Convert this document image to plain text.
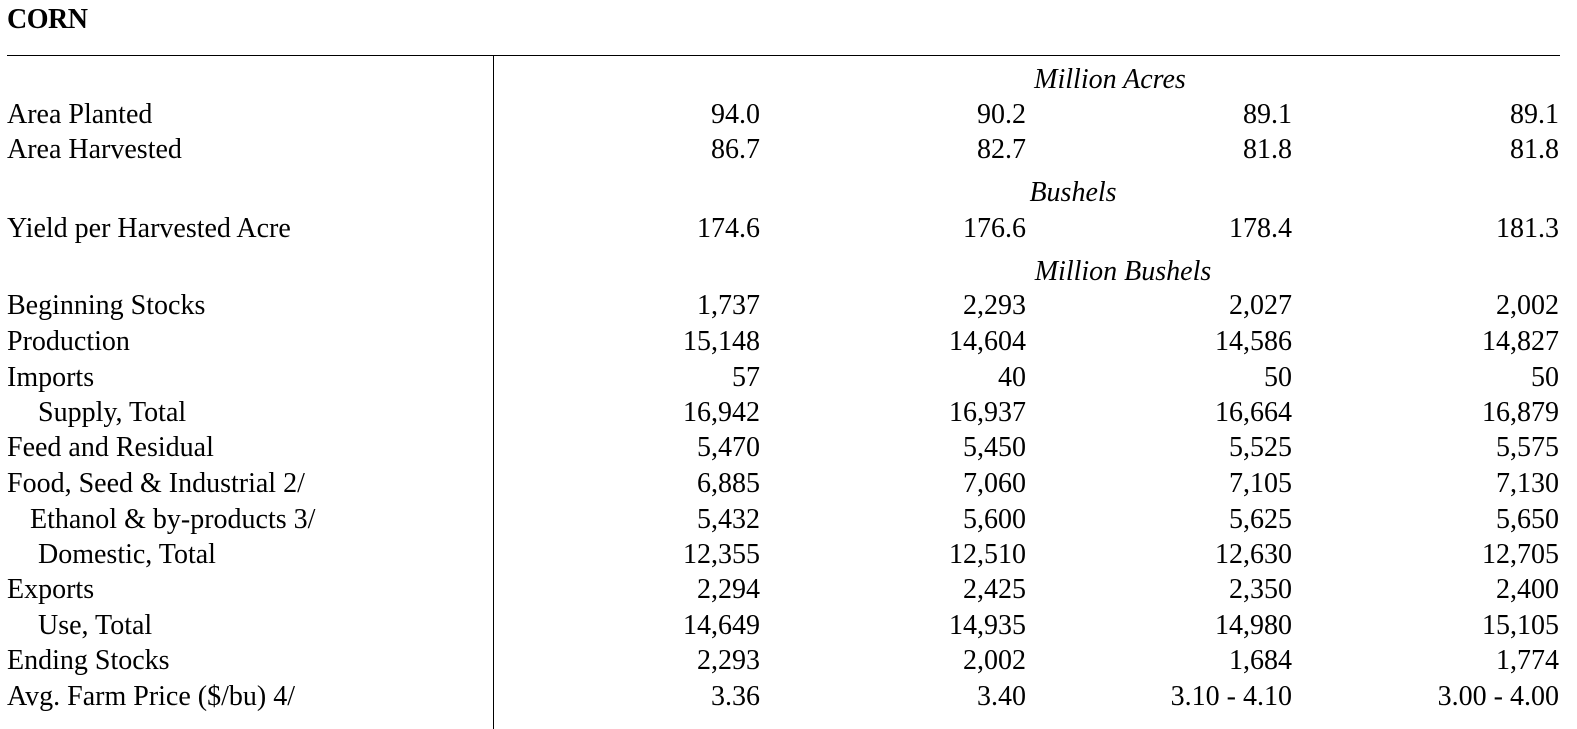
CORN
Million Acres
Bushels
Million Bushels
Area Planted	94.0	90.2	89.1	89.1
Area Harvested	86.7	82.7	81.8	81.8
Yield per Harvested Acre	174.6	176.6	178.4	181.3
Beginning Stocks	1,737	2,293	2,027	2,002
Production	15,148	14,604	14,586	14,827
Imports	57	40	50	50
Supply, Total	16,942	16,937	16,664	16,879
Feed and Residual	5,470	5,450	5,525	5,575
Food, Seed & Industrial 2/	6,885	7,060	7,105	7,130
Ethanol & by-products 3/	5,432	5,600	5,625	5,650
Domestic, Total	12,355	12,510	12,630	12,705
Exports	2,294	2,425	2,350	2,400
Use, Total	14,649	14,935	14,980	15,105
Ending Stocks	2,293	2,002	1,684	1,774
Avg. Farm Price ($/bu) 4/	3.36	3.40	3.10 - 4.10	3.00 - 4.00
